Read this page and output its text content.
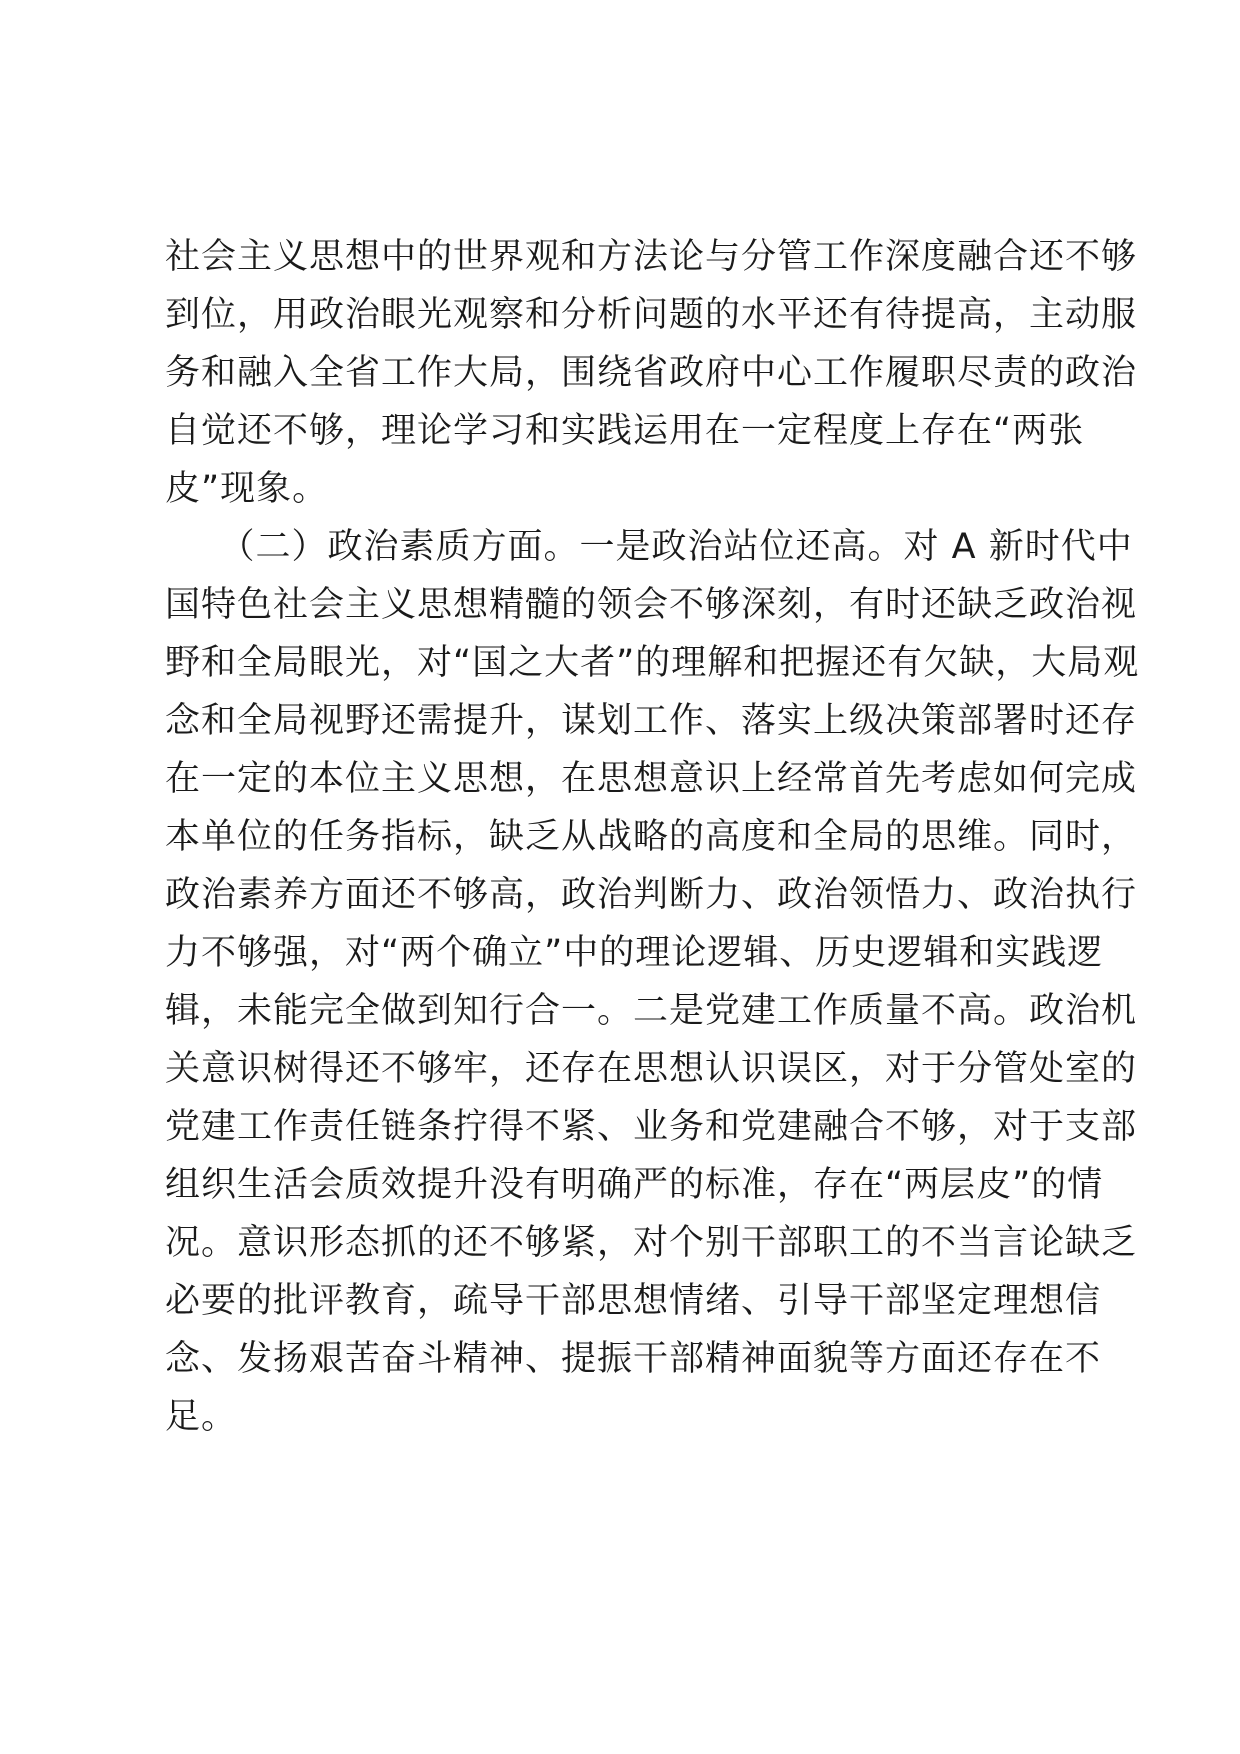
社会主义思想中的世界观和方法论与分管工作深度融合还不够
到位，用政治眼光观察和分析问题的水平还有待提高，主动服
务和融入全省工作大局，围绕省政府中心工作履职尽责的政治
自觉还不够，理论学习和实践运用在一定程度上存在“两张
皮”现象。
　　（二）政治素质方面。一是政治站位还高。对 A 新时代中
国特色社会主义思想精髓的领会不够深刻，有时还缺乏政治视
野和全局眼光，对“国之大者”的理解和把握还有欠缺，大局观
念和全局视野还需提升，谋划工作、落实上级决策部署时还存
在一定的本位主义思想，在思想意识上经常首先考虑如何完成
本单位的任务指标，缺乏从战略的高度和全局的思维。同时，
政治素养方面还不够高，政治判断力、政治领悟力、政治执行
力不够强，对“两个确立”中的理论逻辑、历史逻辑和实践逻
辑，未能完全做到知行合一。二是党建工作质量不高。政治机
关意识树得还不够牢，还存在思想认识误区，对于分管处室的
党建工作责任链条拧得不紧、业务和党建融合不够，对于支部
组织生活会质效提升没有明确严的标准，存在“两层皮”的情
况。意识形态抓的还不够紧，对个别干部职工的不当言论缺乏
必要的批评教育，疏导干部思想情绪、引导干部坚定理想信
念、发扬艰苦奋斗精神、提振干部精神面貌等方面还存在不
足。
